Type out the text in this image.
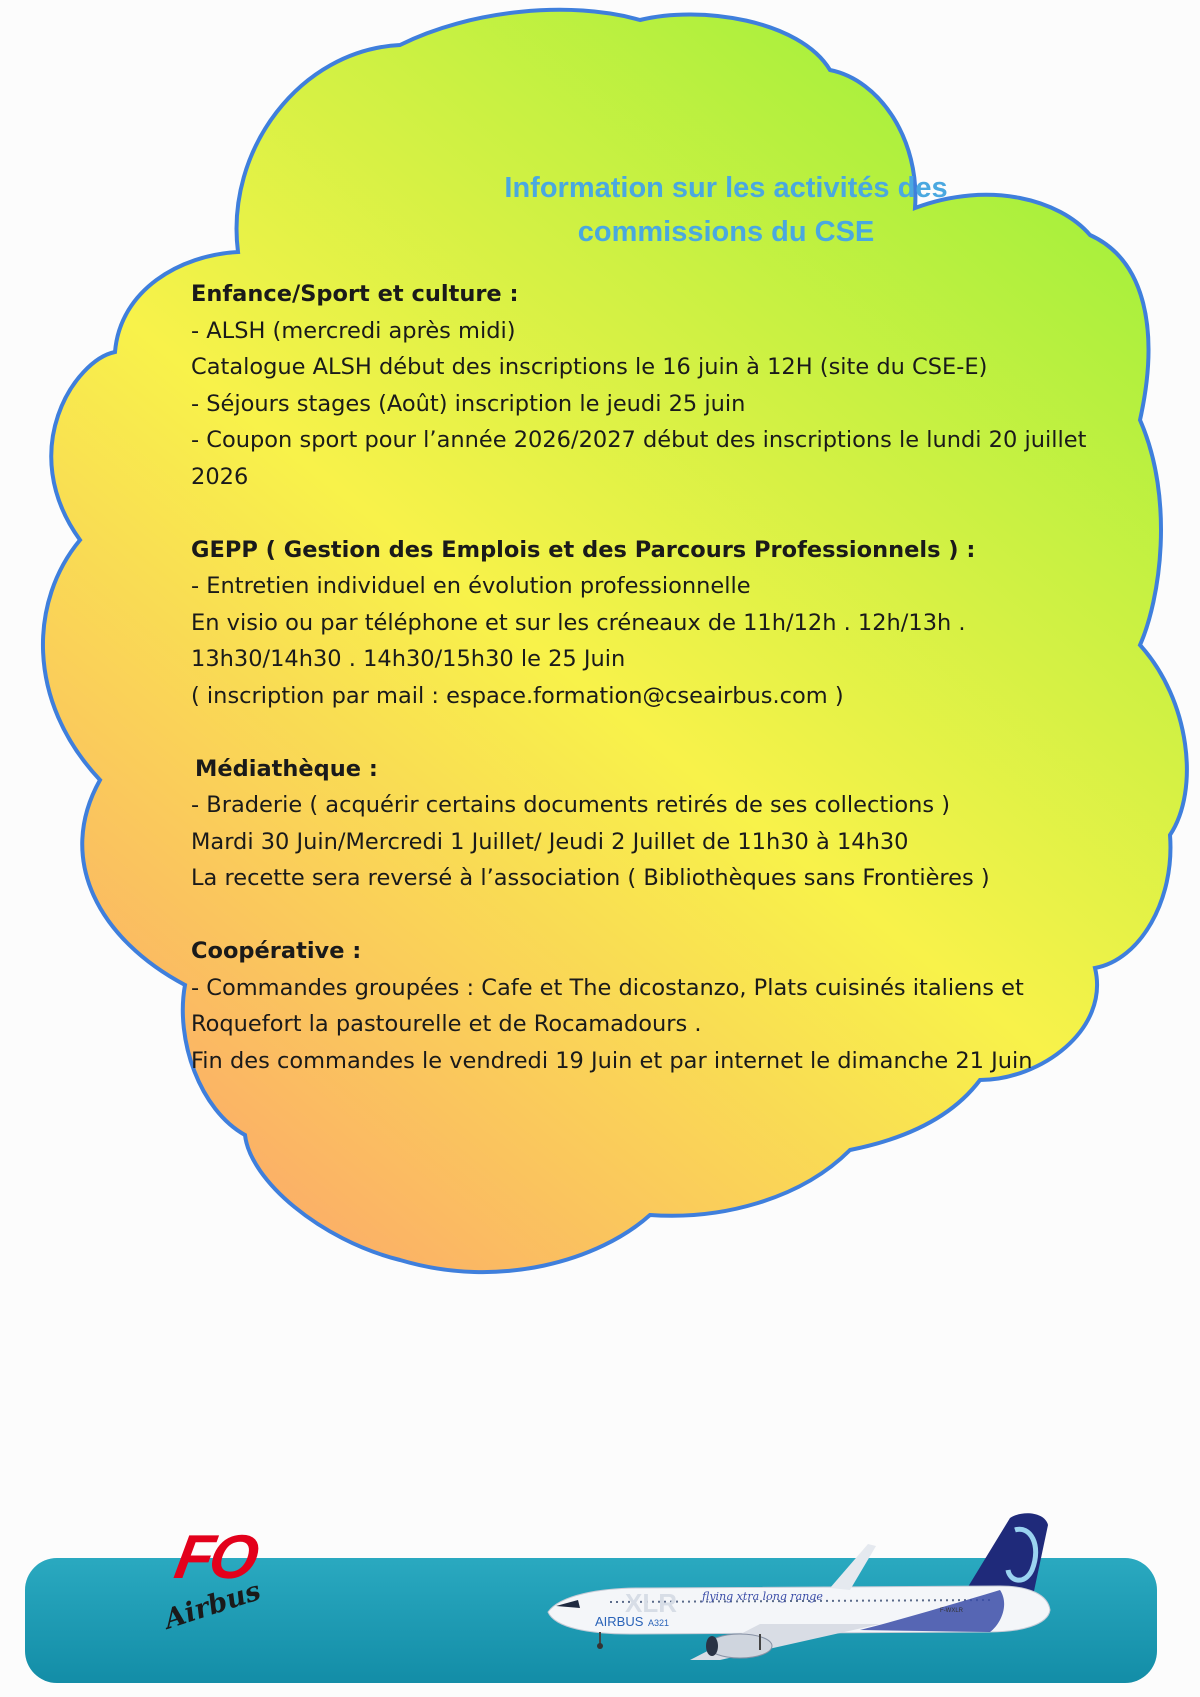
Information sur les activités des
commissions du CSE
Enfance/Sport et culture :
- ALSH (mercredi après midi)
Catalogue ALSH début des inscriptions le 16 juin à 12H (site du CSE-E)
- Séjours stages (Août) inscription le jeudi 25 juin
- Coupon sport pour l’année 2026/2027 début des inscriptions le lundi 20 juillet
2026
GEPP ( Gestion des Emplois et des Parcours Professionnels ) :
- Entretien individuel en évolution professionnelle
En visio ou par téléphone et sur les créneaux de 11h/12h . 12h/13h .
13h30/14h30 . 14h30/15h30 le 25 Juin
( inscription par mail : espace.formation@cseairbus.com )
Médiathèque :
- Braderie ( acquérir certains documents retirés de ses collections )
Mardi 30 Juin/Mercredi 1 Juillet/ Jeudi 2 Juillet de 11h30 à 14h30
La recette sera reversé à l’association ( Bibliothèques sans Frontières )
Coopérative :
- Commandes groupées : Cafe et The dicostanzo, Plats cuisinés italiens et
Roquefort la pastourelle et de Rocamadours .
Fin des commandes le vendredi 19 Juin et par internet le dimanche 21 Juin
XLR
AIRBUS A321
flying xtra long range
F-WXLR
FO
Airbus
